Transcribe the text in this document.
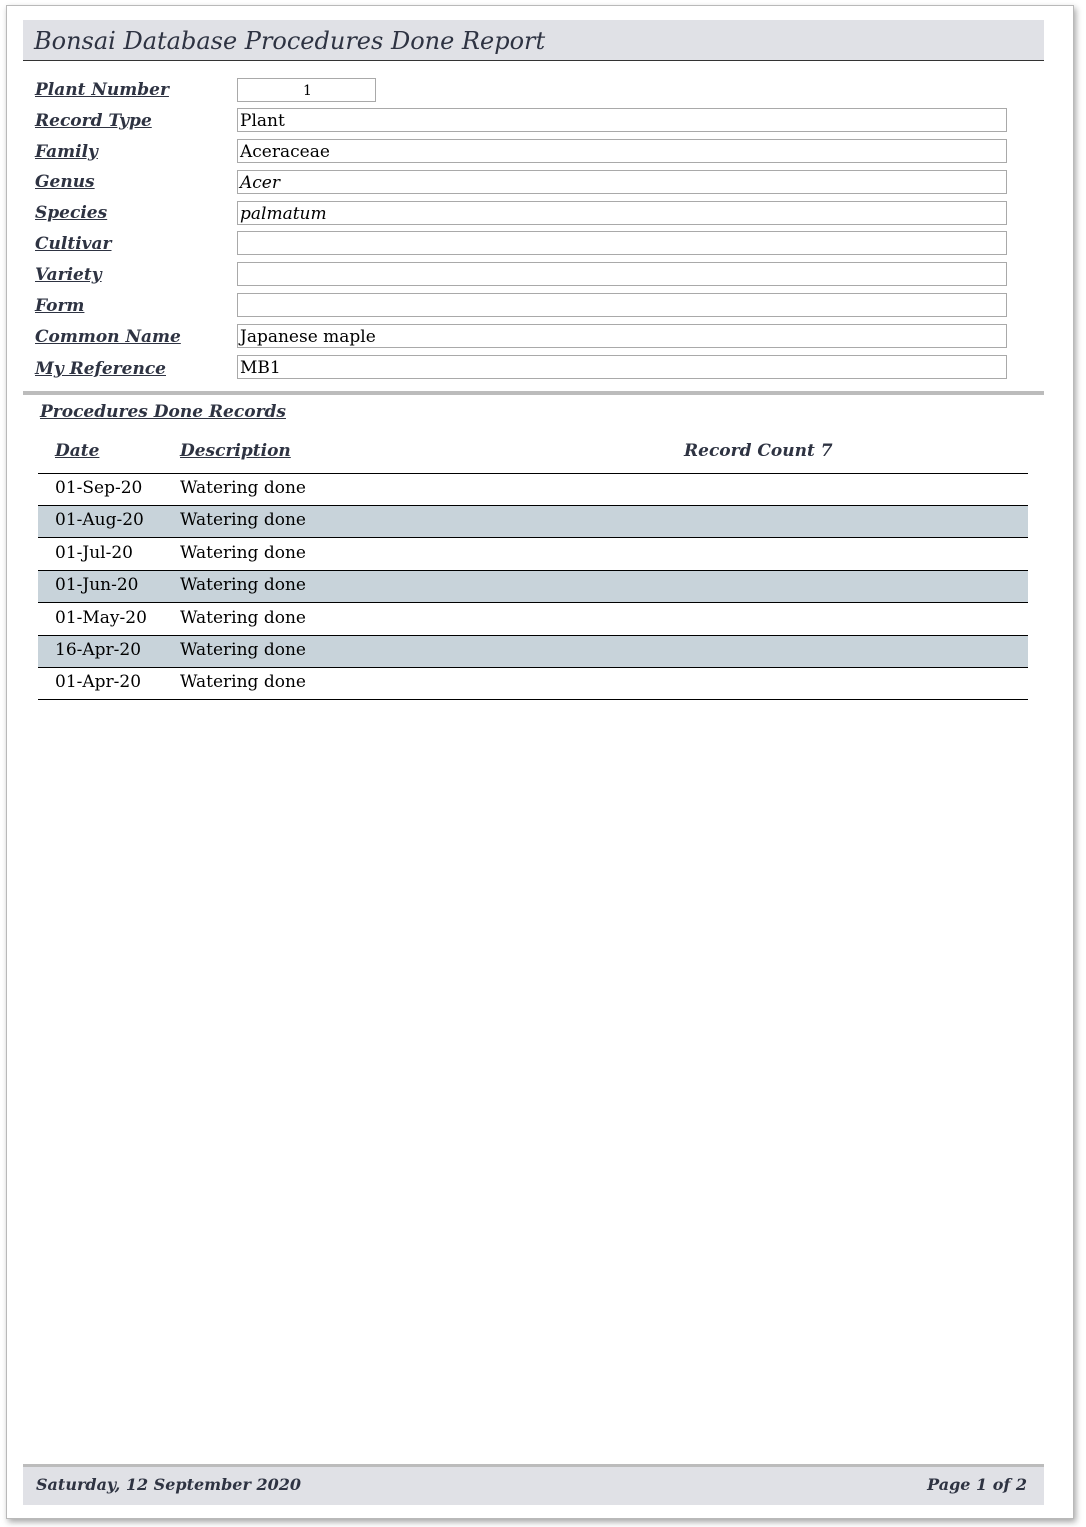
Bonsai Database Procedures Done Report
Plant Number	1
Record Type	Plant
Family	Aceraceae
Genus	Acer
Species	palmatum
Cultivar
Variety
Form
Common Name	Japanese maple
My Reference	MB1
Procedures Done Records
Date	Description	Record Count 7
01-Sep-20 Watering done
01-Aug-20 Watering done
01-Jul-20	Watering done
01-Jun-20 Watering done
01-May-20 Watering done
16-Apr-20 Watering done
01-Apr-20 Watering done
Saturday, 12 September 2020	Page 1 of 2
